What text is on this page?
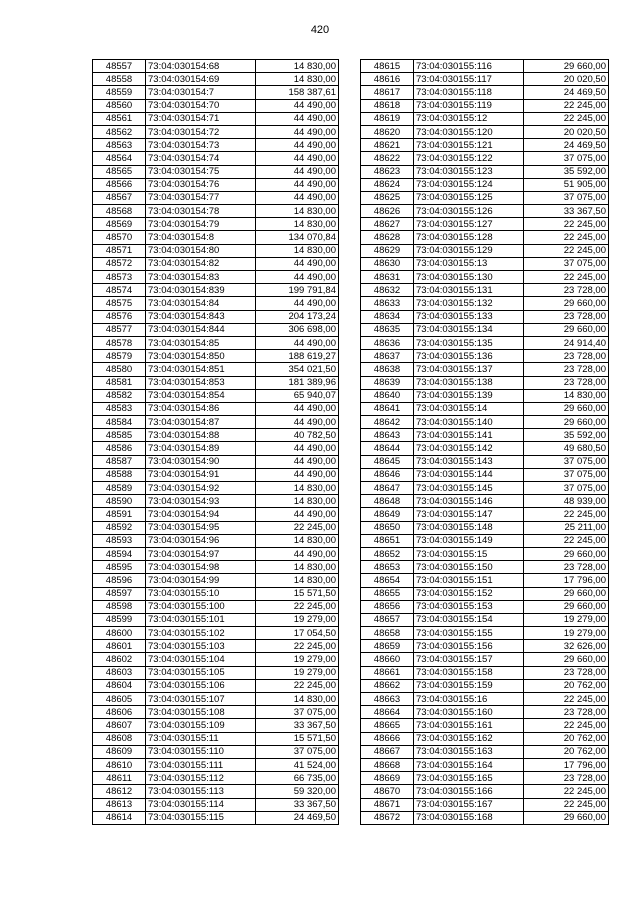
420
48557	73:04:030154:68	14 830,00
48558	73:04:030154:69	14 830,00
48559	73:04:030154:7	158 387,61
48560	73:04:030154:70	44 490,00
48561	73:04:030154:71	44 490,00
48562	73:04:030154:72	44 490,00
48563	73:04:030154:73	44 490,00
48564	73:04:030154:74	44 490,00
48565	73:04:030154:75	44 490,00
48566	73:04:030154:76	44 490,00
48567	73:04:030154:77	44 490,00
48568	73:04:030154:78	14 830,00
48569	73:04:030154:79	14 830,00
48570	73:04:030154:8	134 070,84
48571	73:04:030154:80	14 830,00
48572	73:04:030154:82	44 490,00
48573	73:04:030154:83	44 490,00
48574	73:04:030154:839	199 791,84
48575	73:04:030154:84	44 490,00
48576	73:04:030154:843	204 173,24
48577	73:04:030154:844	306 698,00
48578	73:04:030154:85	44 490,00
48579	73:04:030154:850	188 619,27
48580	73:04:030154:851	354 021,50
48581	73:04:030154:853	181 389,96
48582	73:04:030154:854	65 940,07
48583	73:04:030154:86	44 490,00
48584	73:04:030154:87	44 490,00
48585	73:04:030154:88	40 782,50
48586	73:04:030154:89	44 490,00
48587	73:04:030154:90	44 490,00
48588	73:04:030154:91	44 490,00
48589	73:04:030154:92	14 830,00
48590	73:04:030154:93	14 830,00
48591	73:04:030154:94	44 490,00
48592	73:04:030154:95	22 245,00
48593	73:04:030154:96	14 830,00
48594	73:04:030154:97	44 490,00
48595	73:04:030154:98	14 830,00
48596	73:04:030154:99	14 830,00
48597	73:04:030155:10	15 571,50
48598	73:04:030155:100	22 245,00
48599	73:04:030155:101	19 279,00
48600	73:04:030155:102	17 054,50
48601	73:04:030155:103	22 245,00
48602	73:04:030155:104	19 279,00
48603	73:04:030155:105	19 279,00
48604	73:04:030155:106	22 245,00
48605	73:04:030155:107	14 830,00
48606	73:04:030155:108	37 075,00
48607	73:04:030155:109	33 367,50
48608	73:04:030155:11	15 571,50
48609	73:04:030155:110	37 075,00
48610	73:04:030155:111	41 524,00
48611	73:04:030155:112	66 735,00
48612	73:04:030155:113	59 320,00
48613	73:04:030155:114	33 367,50
48614	73:04:030155:115	24 469,50
48615	73:04:030155:116	29 660,00
48616	73:04:030155:117	20 020,50
48617	73:04:030155:118	24 469,50
48618	73:04:030155:119	22 245,00
48619	73:04:030155:12	22 245,00
48620	73:04:030155:120	20 020,50
48621	73:04:030155:121	24 469,50
48622	73:04:030155:122	37 075,00
48623	73:04:030155:123	35 592,00
48624	73:04:030155:124	51 905,00
48625	73:04:030155:125	37 075,00
48626	73:04:030155:126	33 367,50
48627	73:04:030155:127	22 245,00
48628	73:04:030155:128	22 245,00
48629	73:04:030155:129	22 245,00
48630	73:04:030155:13	37 075,00
48631	73:04:030155:130	22 245,00
48632	73:04:030155:131	23 728,00
48633	73:04:030155:132	29 660,00
48634	73:04:030155:133	23 728,00
48635	73:04:030155:134	29 660,00
48636	73:04:030155:135	24 914,40
48637	73:04:030155:136	23 728,00
48638	73:04:030155:137	23 728,00
48639	73:04:030155:138	23 728,00
48640	73:04:030155:139	14 830,00
48641	73:04:030155:14	29 660,00
48642	73:04:030155:140	29 660,00
48643	73:04:030155:141	35 592,00
48644	73:04:030155:142	49 680,50
48645	73:04:030155:143	37 075,00
48646	73:04:030155:144	37 075,00
48647	73:04:030155:145	37 075,00
48648	73:04:030155:146	48 939,00
48649	73:04:030155:147	22 245,00
48650	73:04:030155:148	25 211,00
48651	73:04:030155:149	22 245,00
48652	73:04:030155:15	29 660,00
48653	73:04:030155:150	23 728,00
48654	73:04:030155:151	17 796,00
48655	73:04:030155:152	29 660,00
48656	73:04:030155:153	29 660,00
48657	73:04:030155:154	19 279,00
48658	73:04:030155:155	19 279,00
48659	73:04:030155:156	32 626,00
48660	73:04:030155:157	29 660,00
48661	73:04:030155:158	23 728,00
48662	73:04:030155:159	20 762,00
48663	73:04:030155:16	22 245,00
48664	73:04:030155:160	23 728,00
48665	73:04:030155:161	22 245,00
48666	73:04:030155:162	20 762,00
48667	73:04:030155:163	20 762,00
48668	73:04:030155:164	17 796,00
48669	73:04:030155:165	23 728,00
48670	73:04:030155:166	22 245,00
48671	73:04:030155:167	22 245,00
48672	73:04:030155:168	29 660,00
